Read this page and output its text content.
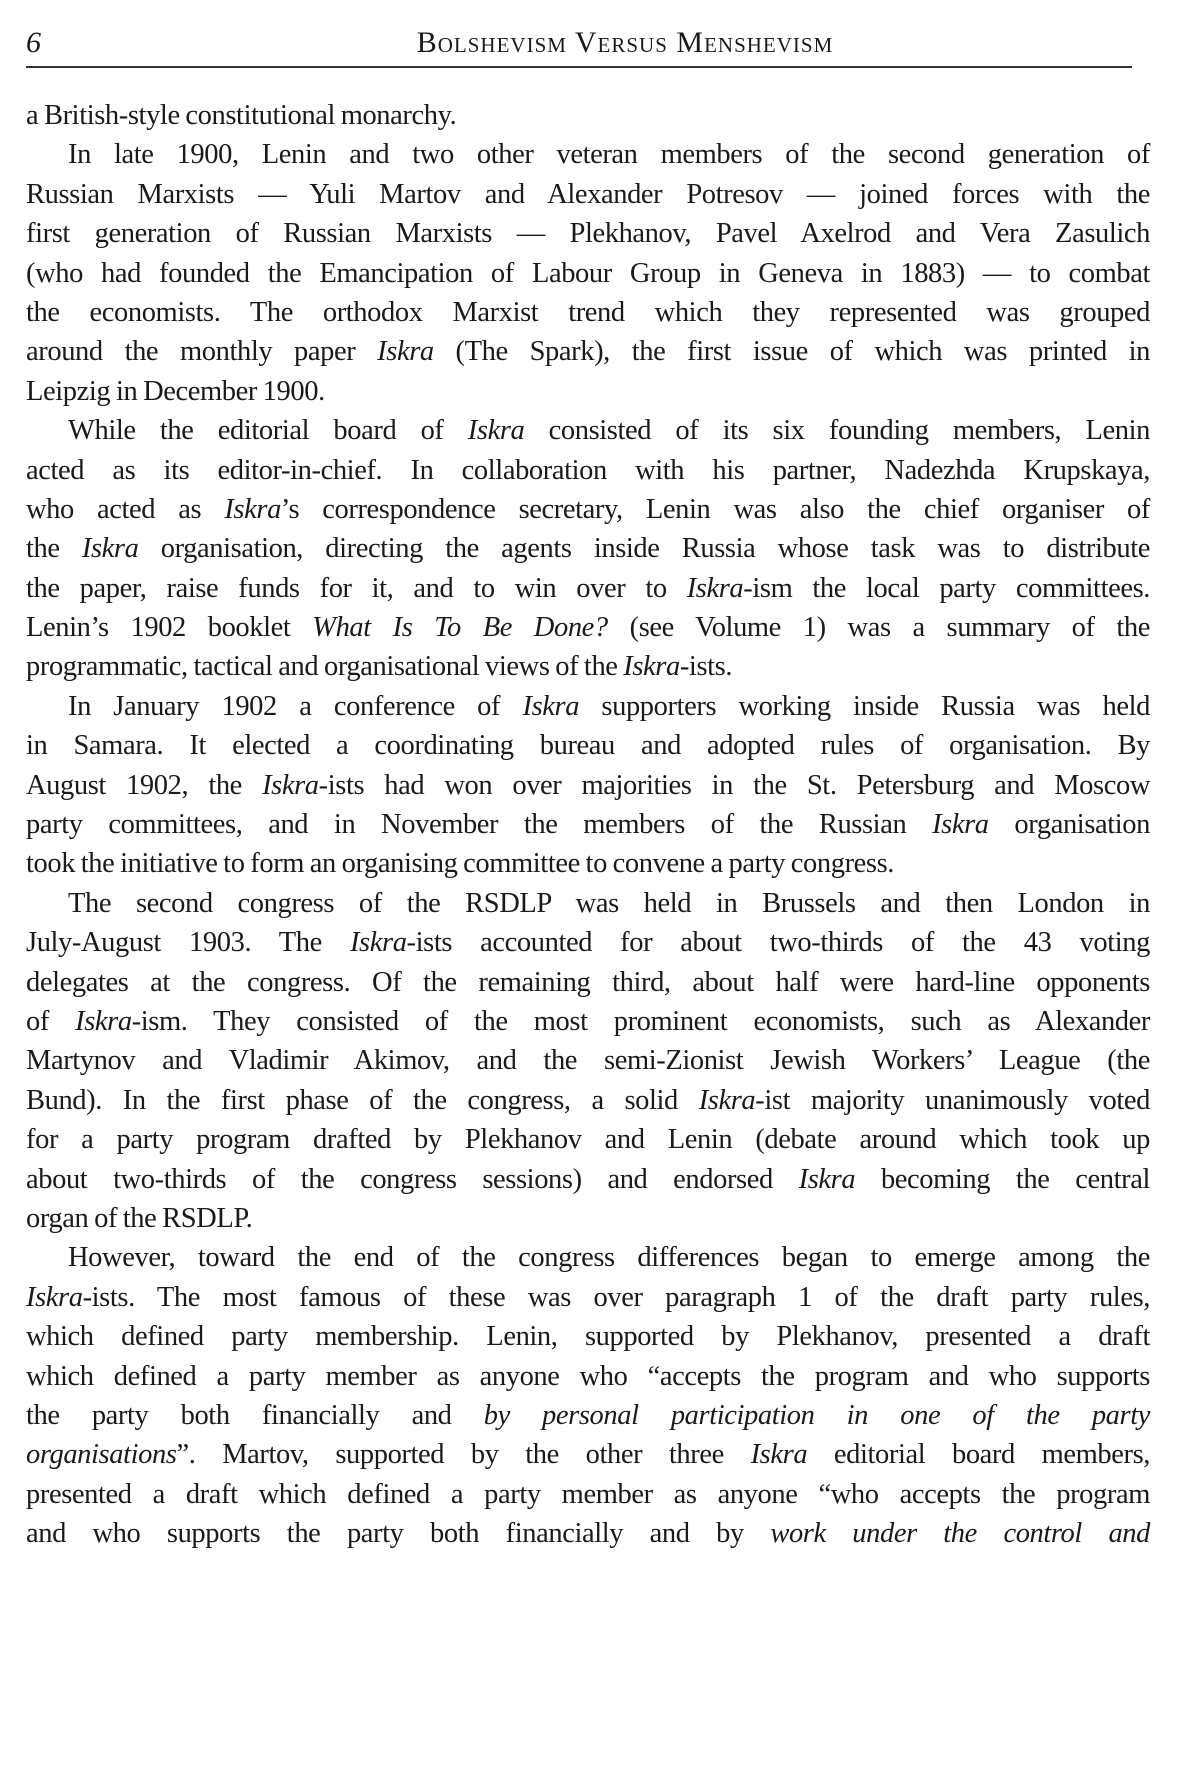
6	Bolshevism Versus Menshevism
a British-style constitutional monarchy.
In late 1900, Lenin and two other veteran members of the second generation of
Russian Marxists — Yuli Martov and Alexander Potresov — joined forces with the
first generation of Russian Marxists — Plekhanov, Pavel Axelrod and Vera Zasulich
(who had founded the Emancipation of Labour Group in Geneva in 1883) — to combat
the economists. The orthodox Marxist trend which they represented was grouped
around the monthly paper Iskra (The Spark), the first issue of which was printed in
Leipzig in December 1900.
While the editorial board of Iskra consisted of its six founding members, Lenin
acted as its editor-in-chief. In collaboration with his partner, Nadezhda Krupskaya,
who acted as Iskra’s correspondence secretary, Lenin was also the chief organiser of
the Iskra organisation, directing the agents inside Russia whose task was to distribute
the paper, raise funds for it, and to win over to Iskra-ism the local party committees.
Lenin’s 1902 booklet What Is To Be Done? (see Volume 1) was a summary of the
programmatic, tactical and organisational views of the Iskra-ists.
In January 1902 a conference of Iskra supporters working inside Russia was held
in Samara. It elected a coordinating bureau and adopted rules of organisation. By
August 1902, the Iskra-ists had won over majorities in the St. Petersburg and Moscow
party committees, and in November the members of the Russian Iskra organisation
took the initiative to form an organising committee to convene a party congress.
The second congress of the RSDLP was held in Brussels and then London in
July-August 1903. The Iskra-ists accounted for about two-thirds of the 43 voting
delegates at the congress. Of the remaining third, about half were hard-line opponents
of Iskra-ism. They consisted of the most prominent economists, such as Alexander
Martynov and Vladimir Akimov, and the semi-Zionist Jewish Workers’ League (the
Bund). In the first phase of the congress, a solid Iskra-ist majority unanimously voted
for a party program drafted by Plekhanov and Lenin (debate around which took up
about two-thirds of the congress sessions) and endorsed Iskra becoming the central
organ of the RSDLP.
However, toward the end of the congress differences began to emerge among the
Iskra-ists. The most famous of these was over paragraph 1 of the draft party rules,
which defined party membership. Lenin, supported by Plekhanov, presented a draft
which defined a party member as anyone who “accepts the program and who supports
the party both financially and by personal participation in one of the party
organisations”. Martov, supported by the other three Iskra editorial board members,
presented a draft which defined a party member as anyone “who accepts the program
and who supports the party both financially and by work under the control and
